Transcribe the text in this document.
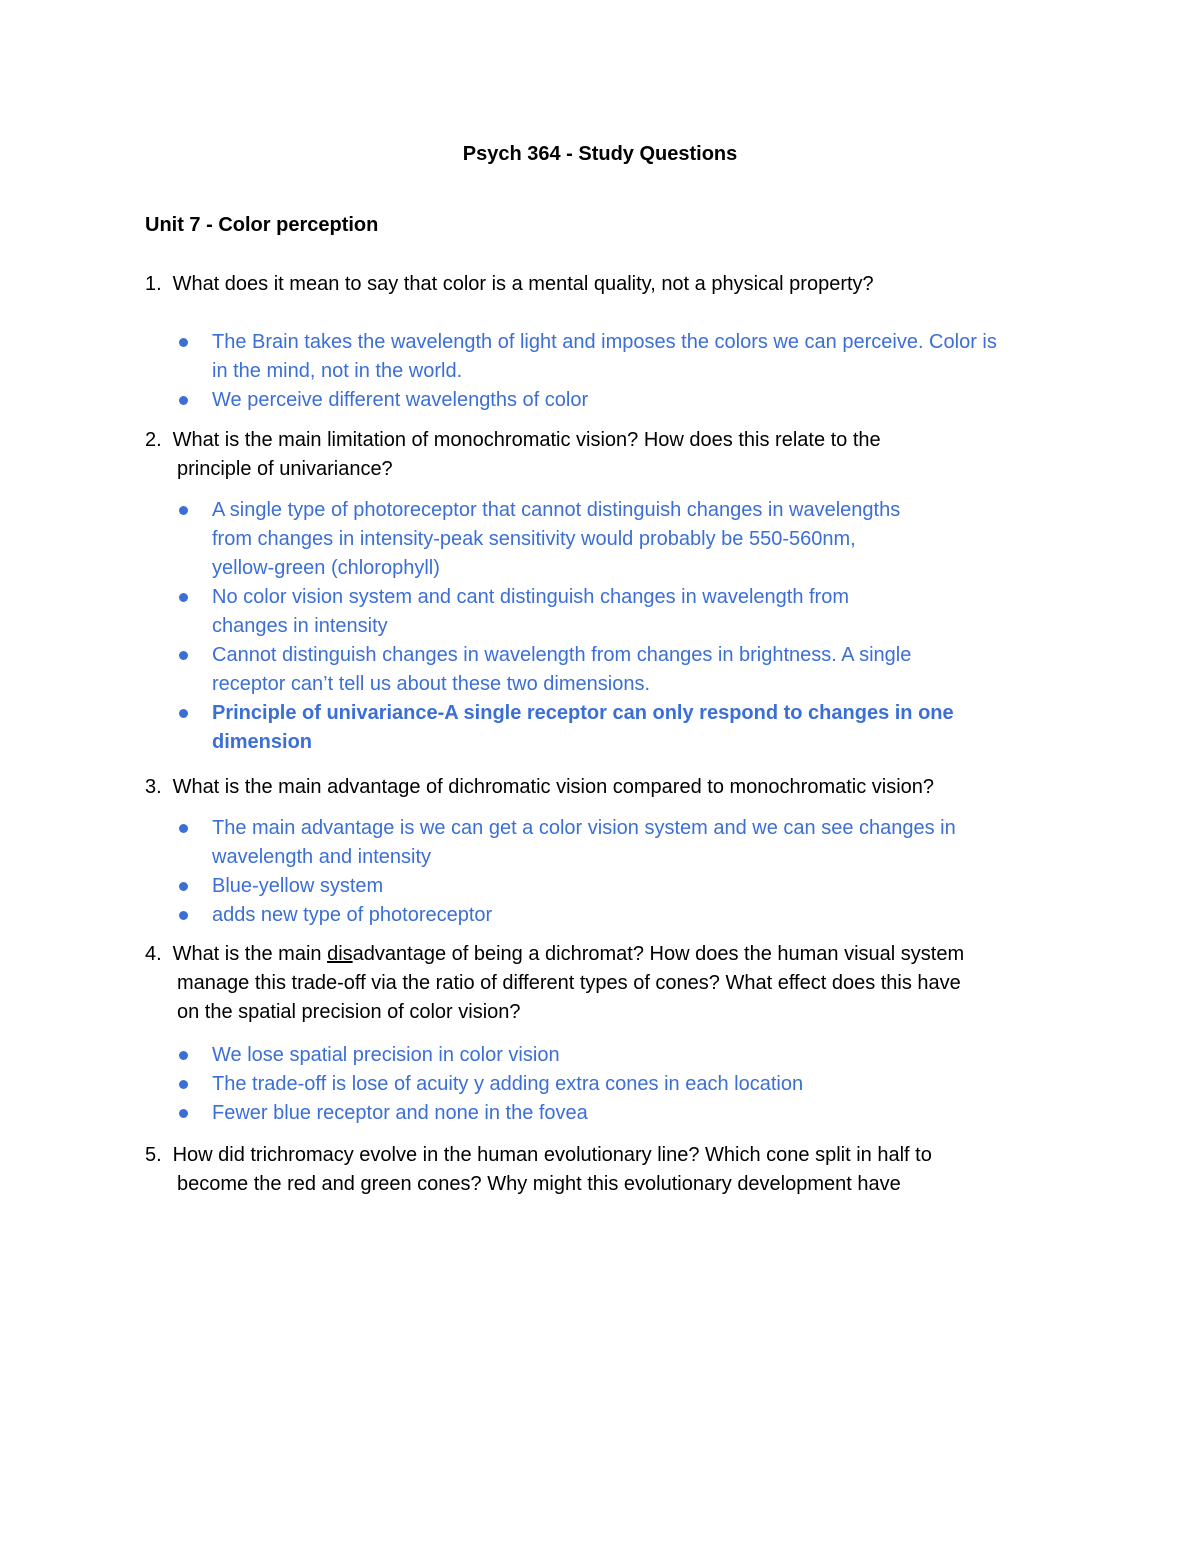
Psych 364 - Study Questions
Unit 7 - Color perception
1. What does it mean to say that color is a mental quality, not a physical property?
The Brain takes the wavelength of light and imposes the colors we can perceive. Color is
in the mind, not in the world.
We perceive different wavelengths of color
2. What is the main limitation of monochromatic vision? How does this relate to the
principle of univariance?
A single type of photoreceptor that cannot distinguish changes in wavelengths
from changes in intensity-peak sensitivity would probably be 550-560nm,
yellow-green (chlorophyll)
No color vision system and cant distinguish changes in wavelength from
changes in intensity
Cannot distinguish changes in wavelength from changes in brightness. A single
receptor can’t tell us about these two dimensions.
Principle of univariance-A single receptor can only respond to changes in one
dimension
3. What is the main advantage of dichromatic vision compared to monochromatic vision?
The main advantage is we can get a color vision system and we can see changes in
wavelength and intensity
Blue-yellow system
adds new type of photoreceptor
4. What is the main disadvantage of being a dichromat? How does the human visual system
manage this trade-off via the ratio of different types of cones? What effect does this have
on the spatial precision of color vision?
We lose spatial precision in color vision
The trade-off is lose of acuity y adding extra cones in each location
Fewer blue receptor and none in the fovea
5. How did trichromacy evolve in the human evolutionary line? Which cone split in half to
become the red and green cones? Why might this evolutionary development have
